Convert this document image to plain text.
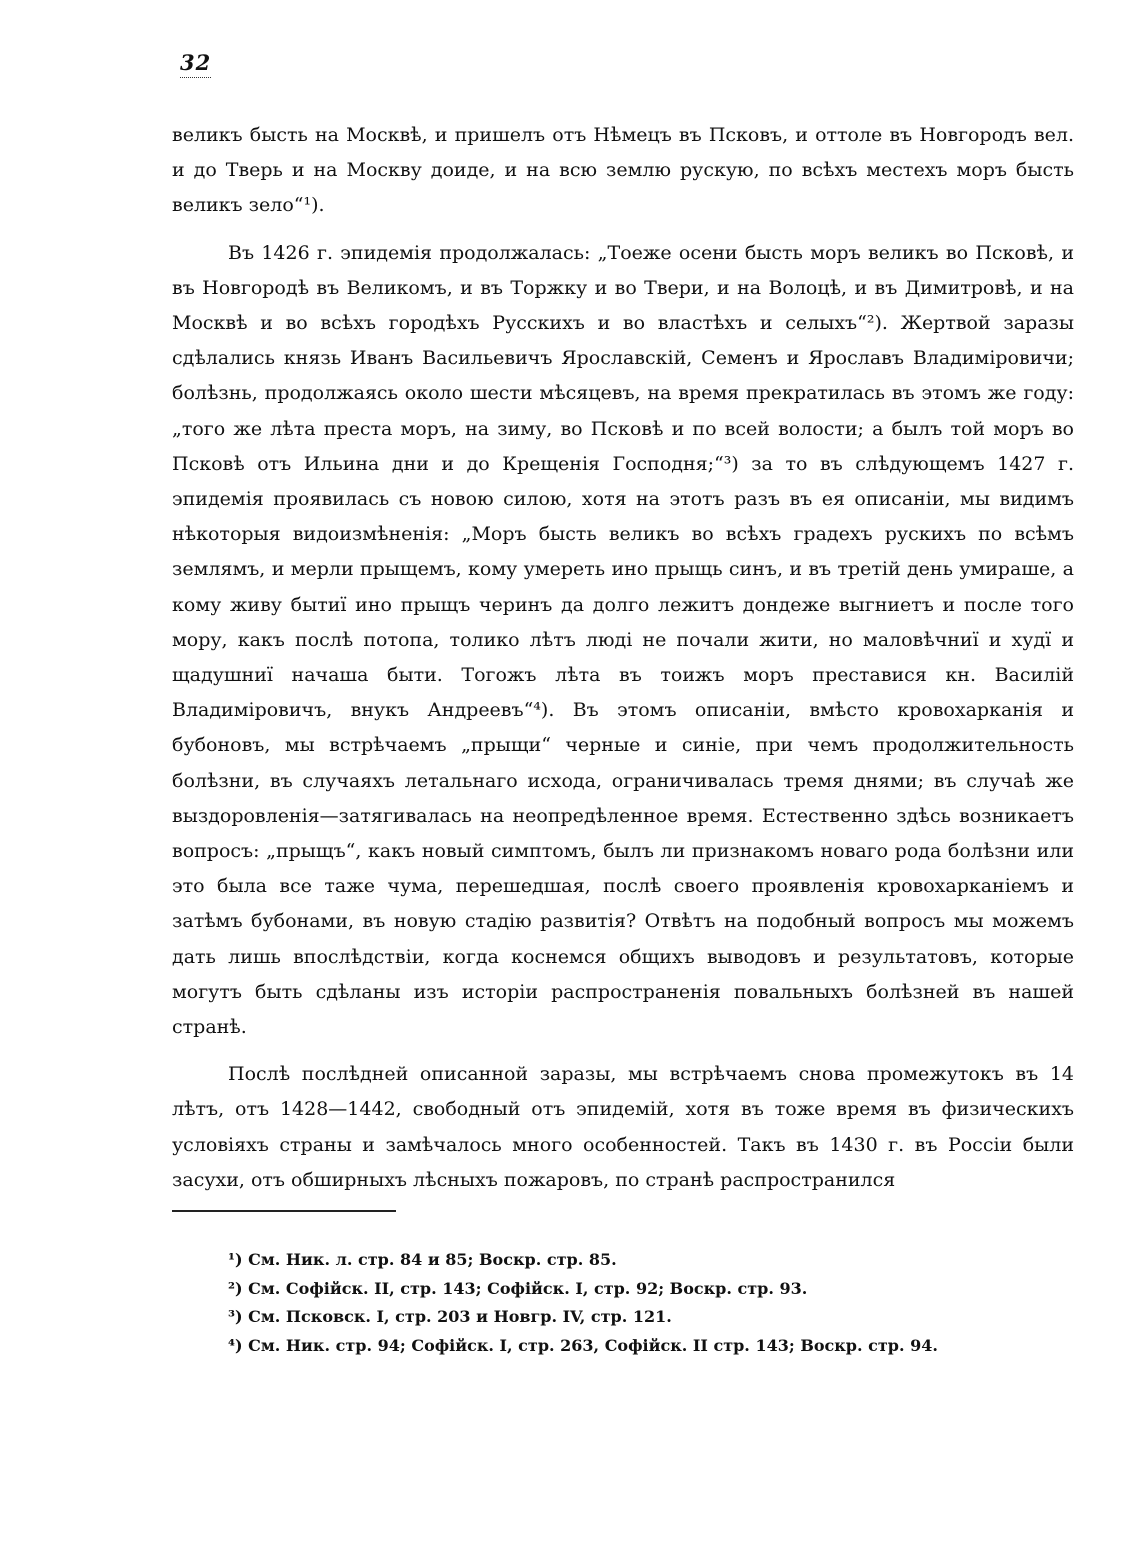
32

великъ бысть на Москвѣ, и пришелъ отъ Нѣмецъ въ Псковъ, и оттоле въ Новгородъ вел. и до Тверь и на Москву доиде, и на всю землю рускую, по всѣхъ местехъ моръ бысть великъ зело“¹).

Въ 1426 г. эпидемія продолжалась: „Тоеже осени бысть моръ великъ во Псковѣ, и въ Новгородѣ въ Великомъ, и въ Торжку и во Твери, и на Волоцѣ, и въ Димитровѣ, и на Москвѣ и во всѣхъ городѣхъ Русскихъ и во властѣхъ и селыхъ“²). Жертвой заразы сдѣлались князь Иванъ Васильевичъ Ярославскій, Семенъ и Ярославъ Владиміровичи; болѣзнь, продолжаясь около шести мѣсяцевъ, на время прекратилась въ этомъ же году: „того же лѣта преста моръ, на зиму, во Псковѣ и по всей волости; а былъ той моръ во Псковѣ отъ Ильина дни и до Крещенія Господня;“³) за то въ слѣдующемъ 1427 г. эпидемія проявилась съ новою силою, хотя на этотъ разъ въ ея описаніи, мы видимъ нѣкоторыя видоизмѣненія: „Моръ бысть великъ во всѣхъ градехъ рускихъ по всѣмъ землямъ, и мерли прыщемъ, кому умереть ино прыщь синъ, и въ третій день умираше, а кому живу бытиї ино прыщъ черинъ да долго лежитъ дондеже выгниетъ и после того мору, какъ послѣ потопа, толико лѣтъ люді не почали жити, но маловѣчниї и худї и щадушниї начаша быти. Тогожъ лѣта въ тоижъ моръ преставися кн. Василій Владиміровичъ, внукъ Андреевъ“⁴). Въ этомъ описаніи, вмѣсто кровохарканія и бубоновъ, мы встрѣчаемъ „прыщи“ черные и синіе, при чемъ продолжительность болѣзни, въ случаяхъ летальнаго исхода, ограничивалась тремя днями; въ случаѣ же выздоровленія—затягивалась на неопредѣленное время. Естественно здѣсь возникаетъ вопросъ: „прыщъ“, какъ новый симптомъ, былъ ли признакомъ новаго рода болѣзни или это была все таже чума, перешедшая, послѣ своего проявленія кровохарканіемъ и затѣмъ бубонами, въ новую стадію развитія? Отвѣтъ на подобный вопросъ мы можемъ дать лишь впослѣдствіи, когда коснемся общихъ выводовъ и результатовъ, которые могутъ быть сдѣланы изъ исторіи распространенія повальныхъ болѣзней въ нашей странѣ.

Послѣ послѣдней описанной заразы, мы встрѣчаемъ снова промежутокъ въ 14 лѣтъ, отъ 1428—1442, свободный отъ эпидемій, хотя въ тоже время въ физическихъ условіяхъ страны и замѣчалось много особенностей. Такъ въ 1430 г. въ Россіи были засухи, отъ обширныхъ лѣсныхъ пожаровъ, по странѣ распространился

¹) См. Ник. л. стр. 84 и 85; Воскр. стр. 85.
²) См. Софійск. II, стр. 143; Софійск. I, стр. 92; Воскр. стр. 93.
³) См. Псковск. I, стр. 203 и Новгр. IV, стр. 121.
⁴) См. Ник. стр. 94; Софійск. I, стр. 263, Софійск. II стр. 143; Воскр. стр. 94.
